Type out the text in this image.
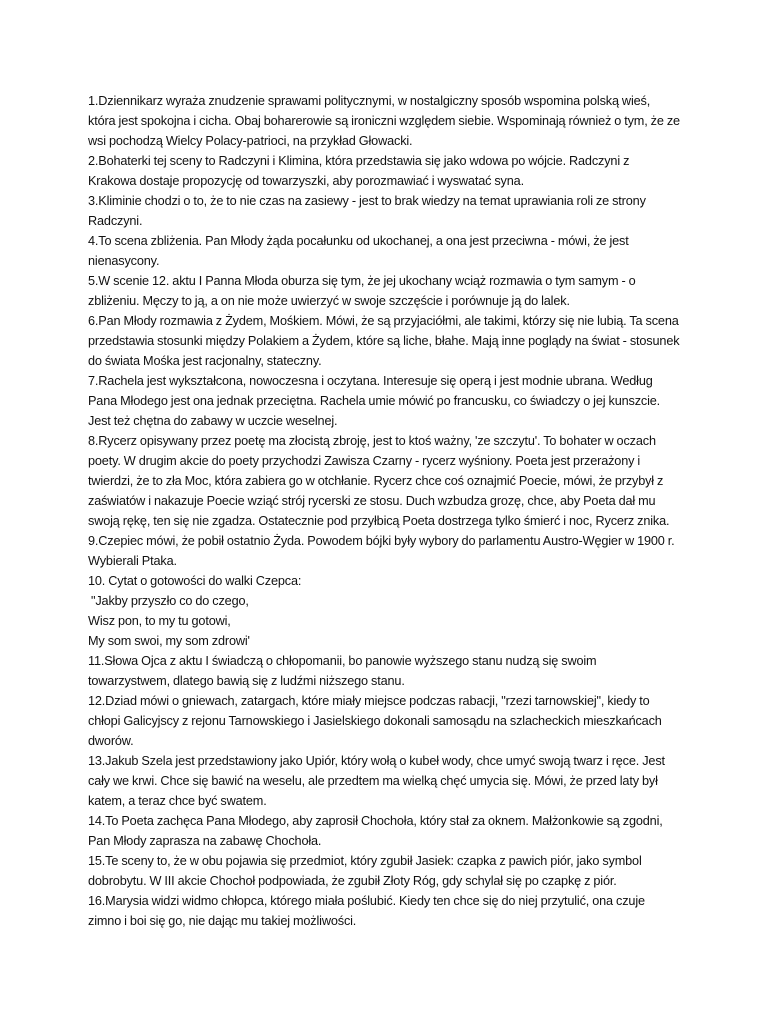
1.Dziennikarz wyraża znudzenie sprawami politycznymi, w nostalgiczny sposób wspomina polską wieś, która jest spokojna i cicha. Obaj boharerowie są ironiczni względem siebie. Wspominają również o tym, że ze wsi pochodzą Wielcy Polacy-patrioci, na przykład Głowacki.

2.Bohaterki tej sceny to Radczyni i Klimina, która przedstawia się jako wdowa po wójcie. Radczyni z Krakowa dostaje propozycję od towarzyszki, aby porozmawiać i wyswatać syna.

3.Kliminie chodzi o to, że to nie czas na zasiewy - jest to brak wiedzy na temat uprawiania roli ze strony Radczyni.

4.To scena zbliżenia. Pan Młody żąda pocałunku od ukochanej, a ona jest przeciwna - mówi, że jest nienasycony.

5.W scenie 12. aktu I Panna Młoda oburza się tym, że jej ukochany wciąż rozmawia o tym samym - o zbliżeniu. Męczy to ją, a on nie może uwierzyć w swoje szczęście i porównuje ją do lalek.

6.Pan Młody rozmawia z Żydem, Mośkiem. Mówi, że są przyjaciółmi, ale takimi, którzy się nie lubią. Ta scena przedstawia stosunki między Polakiem a Żydem, które są liche, błahe. Mają inne poglądy na świat - stosunek do świata Mośka jest racjonalny, stateczny.

7.Rachela jest wykształcona, nowoczesna i oczytana. Interesuje się operą i jest modnie ubrana. Według Pana Młodego jest ona jednak przeciętna. Rachela umie mówić po francusku, co świadczy o jej kunszcie. Jest też chętna do zabawy w uczcie weselnej.

8.Rycerz opisywany przez poetę ma złocistą zbroję, jest to ktoś ważny, 'ze szczytu'. To bohater w oczach poety. W drugim akcie do poety przychodzi Zawisza Czarny - rycerz wyśniony. Poeta jest przerażony i twierdzi, że to zła Moc, która zabiera go w otchłanie. Rycerz chce coś oznajmić Poecie, mówi, że przybył z zaświatów i nakazuje Poecie wziąć strój rycerski ze stosu. Duch wzbudza grozę, chce, aby Poeta dał mu swoją rękę, ten się nie zgadza. Ostatecznie pod przyłbicą Poeta dostrzega tylko śmierć i noc, Rycerz znika.

9.Czepiec mówi, że pobił ostatnio Żyda. Powodem bójki były wybory do parlamentu Austro-Węgier w 1900 r. Wybierali Ptaka.

10. Cytat o gotowości do walki Czepca:

"Jakby przyszło co do czego,

Wisz pon, to my tu gotowi,

My som swoi, my som zdrowi'

11.Słowa Ojca z aktu I świadczą o chłopomanii, bo panowie wyższego stanu nudzą się swoim towarzystwem, dlatego bawią się z ludźmi niższego stanu.

12.Dziad mówi o gniewach, zatargach, które miały miejsce podczas rabacji, "rzezi tarnowskiej", kiedy to chłopi Galicyjscy z rejonu Tarnowskiego i Jasielskiego dokonali samosądu na szlacheckich mieszkańcach dworów.

13.Jakub Szela jest przedstawiony jako Upiór, który wołą o kubeł wody, chce umyć swoją twarz i ręce. Jest cały we krwi. Chce się bawić na weselu, ale przedtem ma wielką chęć umycia się. Mówi, że przed laty był katem, a teraz chce być swatem.

14.To Poeta zachęca Pana Młodego, aby zaprosił Chochoła, który stał za oknem. Małżonkowie są zgodni, Pan Młody zaprasza na zabawę Chochoła.

15.Te sceny to, że w obu pojawia się przedmiot, który zgubił Jasiek: czapka z pawich piór, jako symbol dobrobytu. W III akcie Chochoł podpowiada, że zgubił Złoty Róg, gdy schylał się po czapkę z piór.

16.Marysia widzi widmo chłopca, którego miała poślubić. Kiedy ten chce się do niej przytulić, ona czuje zimno i boi się go, nie dając mu takiej możliwości.
